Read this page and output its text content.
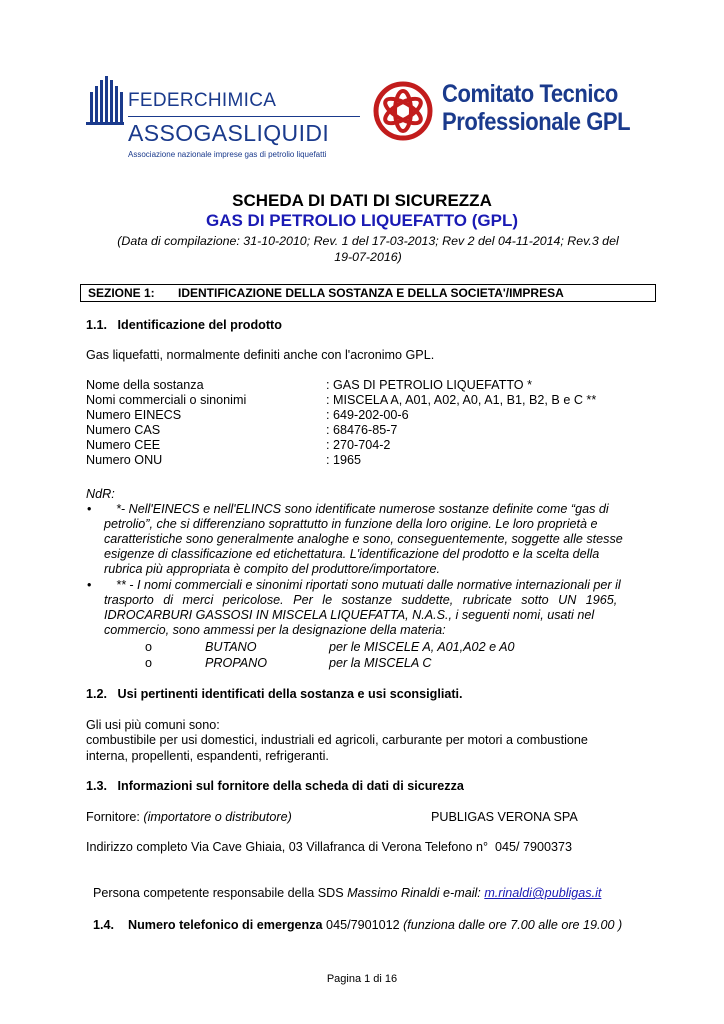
FEDERCHIMICA
ASSOGASLIQUIDI
Associazione nazionale imprese gas di petrolio liquefatti
Comitato Tecnico
Professionale GPL
SCHEDA DI DATI DI SICUREZZA
GAS DI PETROLIO LIQUEFATTO (GPL)
(Data di compilazione: 31-10-2010; Rev. 1 del 17-03-2013; Rev 2 del 04-11-2014; Rev.3 del
19-07-2016)
SEZIONE 1: IDENTIFICAZIONE DELLA SOSTANZA E DELLA SOCIETA'/IMPRESA
1.1.   Identificazione del prodotto
Gas liquefatti, normalmente definiti anche con l'acronimo GPL.
Nome della sostanza	: GAS DI PETROLIO LIQUEFATTO *
Nomi commerciali o sinonimi	: MISCELA A, A01, A02, A0, A1, B1, B2, B e C **
Numero EINECS	: 649-202-00-6
Numero CAS	: 68476-85-7
Numero CEE	: 270-704-2
Numero ONU	: 1965
NdR:
•	*- Nell'EINECS e nell'ELINCS sono identificate numerose sostanze definite come “gas di
petrolio”, che si differenziano soprattutto in funzione della loro origine. Le loro proprietà e
caratteristiche sono generalmente analoghe e sono, conseguentemente, soggette alle stesse
esigenze di classificazione ed etichettatura. L'identificazione del prodotto e la scelta della
rubrica più appropriata è compito del produttore/importatore.
•	** - I nomi commerciali e sinonimi riportati sono mutuati dalle normative internazionali per il
trasporto di merci pericolose. Per le sostanze suddette, rubricate sotto UN 1965,
IDROCARBURI GASSOSI IN MISCELA LIQUEFATTA, N.A.S., i seguenti nomi, usati nel
commercio, sono ammessi per la designazione della materia:
o	BUTANO	per le MISCELE A, A01,A02 e A0
o	PROPANO	per la MISCELA C
1.2.   Usi pertinenti identificati della sostanza e usi sconsigliati.
Gli usi più comuni sono:
combustibile per usi domestici, industriali ed agricoli, carburante per motori a combustione
interna, propellenti, espandenti, refrigeranti.
1.3.   Informazioni sul fornitore della scheda di dati di sicurezza
Fornitore: (importatore o distributore)	PUBLIGAS VERONA SPA
Indirizzo completo Via Cave Ghiaia, 03 Villafranca di Verona Telefono n°  045/ 7900373

Persona competente responsabile della SDS Massimo Rinaldi e-mail: m.rinaldi@publigas.it

1.4.    Numero telefonico di emergenza 045/7901012 (funziona dalle ore 7.00 alle ore 19.00 )

Pagina 1 di 16
